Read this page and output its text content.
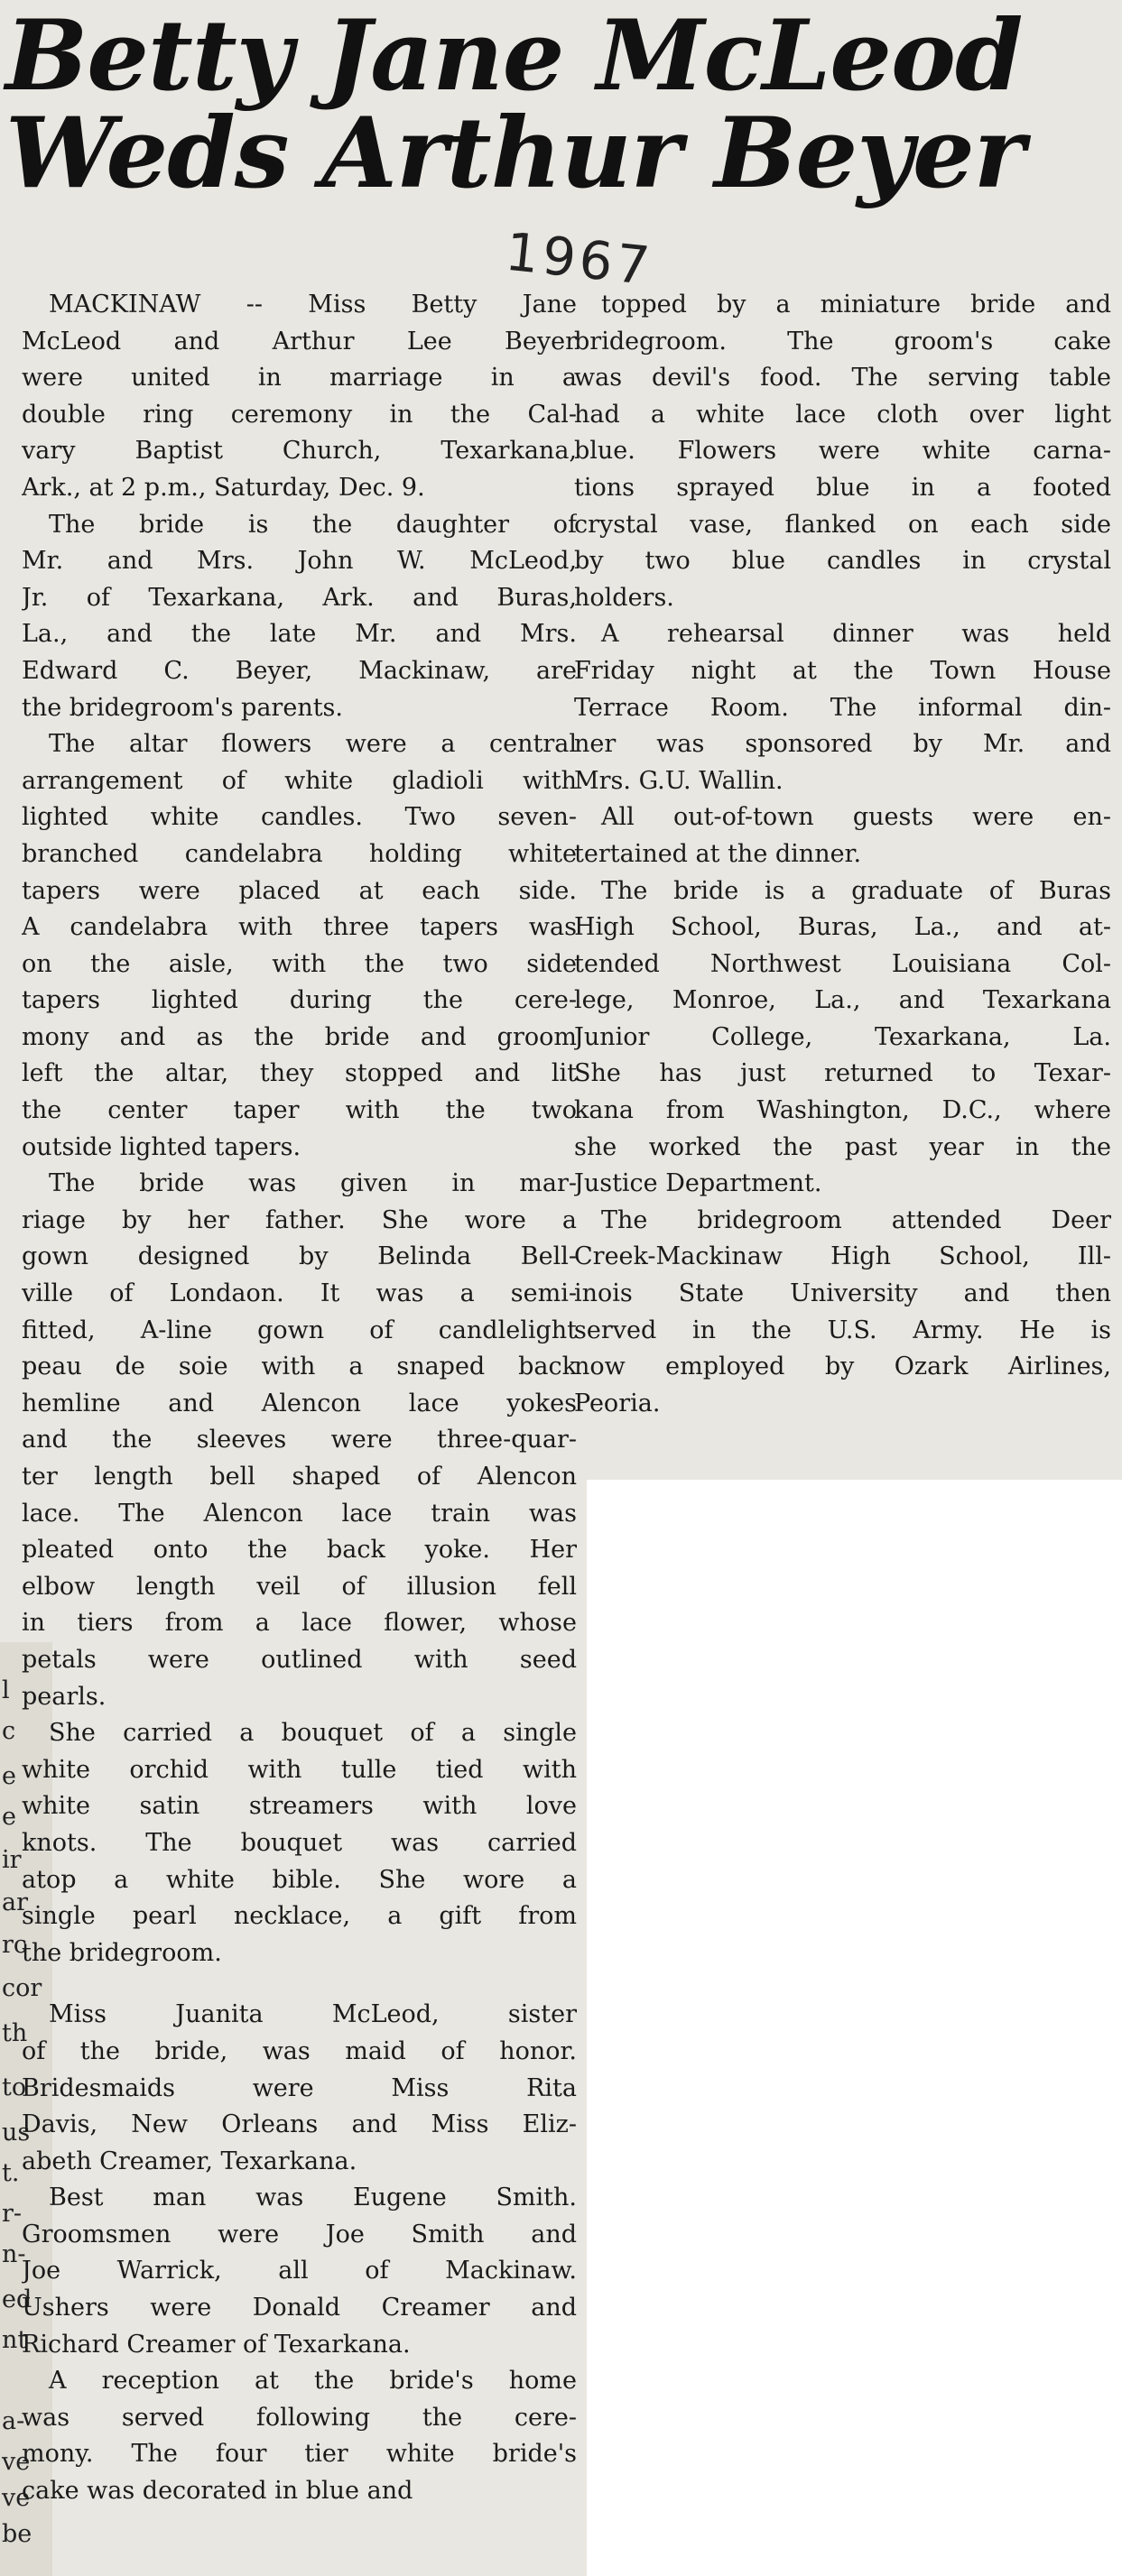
l
c
e
e
ir
ar
rc
cor
th
to
us
t.
r-
n-
ed
nt
a-
ve
ve
be
Betty Jane McLeod
Weds Arthur Beyer
1967

MACKINAW -- Miss Betty Jane
McLeod and Arthur Lee Beyer
were united in marriage in a
double ring ceremony in the Cal-
vary Baptist Church, Texarkana,
Ark., at 2 p.m., Saturday, Dec. 9.

The bride is the daughter of
Mr. and Mrs. John W. McLeod,
Jr. of Texarkana, Ark. and Buras,
La., and the late Mr. and Mrs.
Edward C. Beyer, Mackinaw, are
the bridegroom's parents.

The altar flowers were a central
arrangement of white gladioli with
lighted white candles. Two seven-
branched candelabra holding white
tapers were placed at each side.
A candelabra with three tapers was
on the aisle, with the two side
tapers lighted during the cere-
mony and as the bride and groom
left the altar, they stopped and lit
the center taper with the two
outside lighted tapers.

The bride was given in mar-
riage by her father. She wore a
gown designed by Belinda Bell-
ville of Londaon. It was a semi-
fitted, A-line gown of candlelight
peau de soie with a snaped back
hemline and Alencon lace yokes
and the sleeves were three-quar-
ter length bell shaped of Alencon
lace. The Alencon lace train was
pleated onto the back yoke. Her
elbow length veil of illusion fell
in tiers from a lace flower, whose
petals were outlined with seed
pearls.

She carried a bouquet of a single
white orchid with tulle tied with
white satin streamers with love
knots. The bouquet was carried
atop a white bible. She wore a
single pearl necklace, a gift from
the bridegroom.

Miss Juanita McLeod, sister
of the bride, was maid of honor.
Bridesmaids were Miss Rita
Davis, New Orleans and Miss Eliz-
abeth Creamer, Texarkana.

Best man was Eugene Smith.
Groomsmen were Joe Smith and
Joe Warrick, all of Mackinaw.
Ushers were Donald Creamer and
Richard Creamer of Texarkana.

A reception at the bride's home
was served following the cere-
mony. The four tier white bride's
cake was decorated in blue and

topped by a miniature bride and
bridegroom. The groom's cake
was devil's food. The serving table
had a white lace cloth over light
blue. Flowers were white carna-
tions sprayed blue in a footed
crystal vase, flanked on each side
by two blue candles in crystal
holders.

A rehearsal dinner was held
Friday night at the Town House
Terrace Room. The informal din-
ner was sponsored by Mr. and
Mrs. G.U. Wallin.

All out-of-town guests were en-
tertained at the dinner.

The bride is a graduate of Buras
High School, Buras, La., and at-
tended Northwest Louisiana Col-
lege, Monroe, La., and Texarkana
Junior College, Texarkana, La.
She has just returned to Texar-
kana from Washington, D.C., where
she worked the past year in the
Justice Department.

The bridegroom attended Deer
Creek-Mackinaw High School, Ill-
inois State University and then
served in the U.S. Army. He is
now employed by Ozark Airlines,
Peoria.
